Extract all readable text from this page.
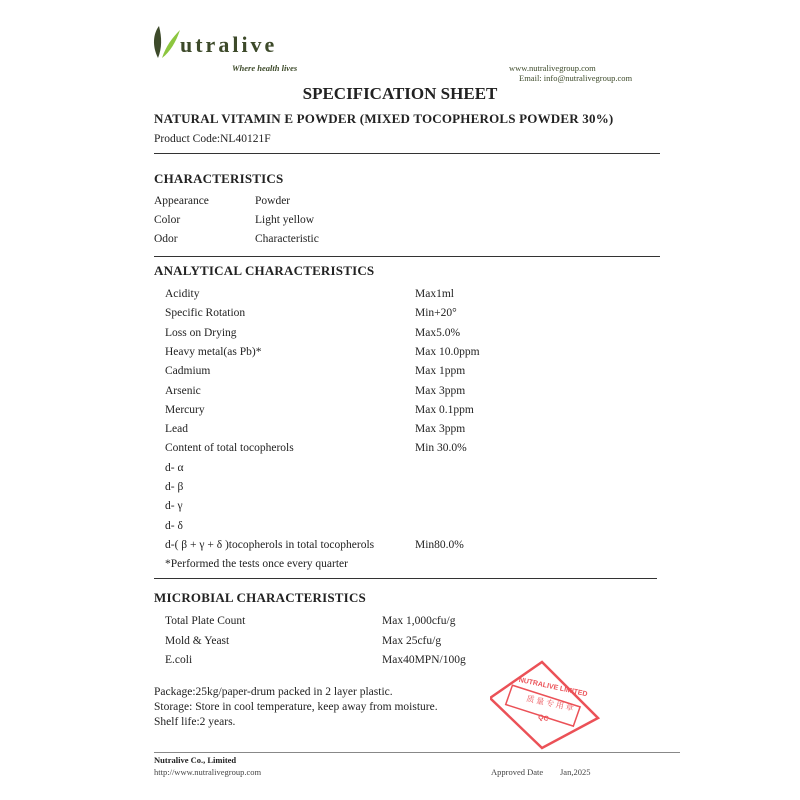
utralive
Where health lives	www.nutralivegroup.com
Email: info@nutralivegroup.com
SPECIFICATION SHEET
NATURAL VITAMIN E POWDER (MIXED TOCOPHEROLS POWDER 30%)
Product Code:NL40121F
CHARACTERISTICS
Appearance	Powder
Color	Light yellow
Odor	Characteristic
ANALYTICAL CHARACTERISTICS
Acidity	Max1ml
Specific Rotation	Min+20°
Loss on Drying	Max5.0%
Heavy metal(as Pb)*	Max 10.0ppm
Cadmium	Max 1ppm
Arsenic	Max 3ppm
Mercury	Max 0.1ppm
Lead	Max 3ppm
Content of total tocopherols	Min 30.0%
d- α
d- β
d- γ
d- δ
d-( β + γ + δ )tocopherols in total tocopherols	Min80.0%
*Performed the tests once every quarter
MICROBIAL CHARACTERISTICS
Total Plate Count	Max 1,000cfu/g
Mold & Yeast	Max 25cfu/g
E.coli	Max40MPN/100g
Package:25kg/paper-drum packed in 2 layer plastic.
Storage: Store in cool temperature, keep away from moisture.
Shelf life:2 years.
NUTRALIVE LIMITED
质 量 专 用 章
QC
Nutralive Co., Limited
http://www.nutralivegroup.com	Approved Date Jan,2025
